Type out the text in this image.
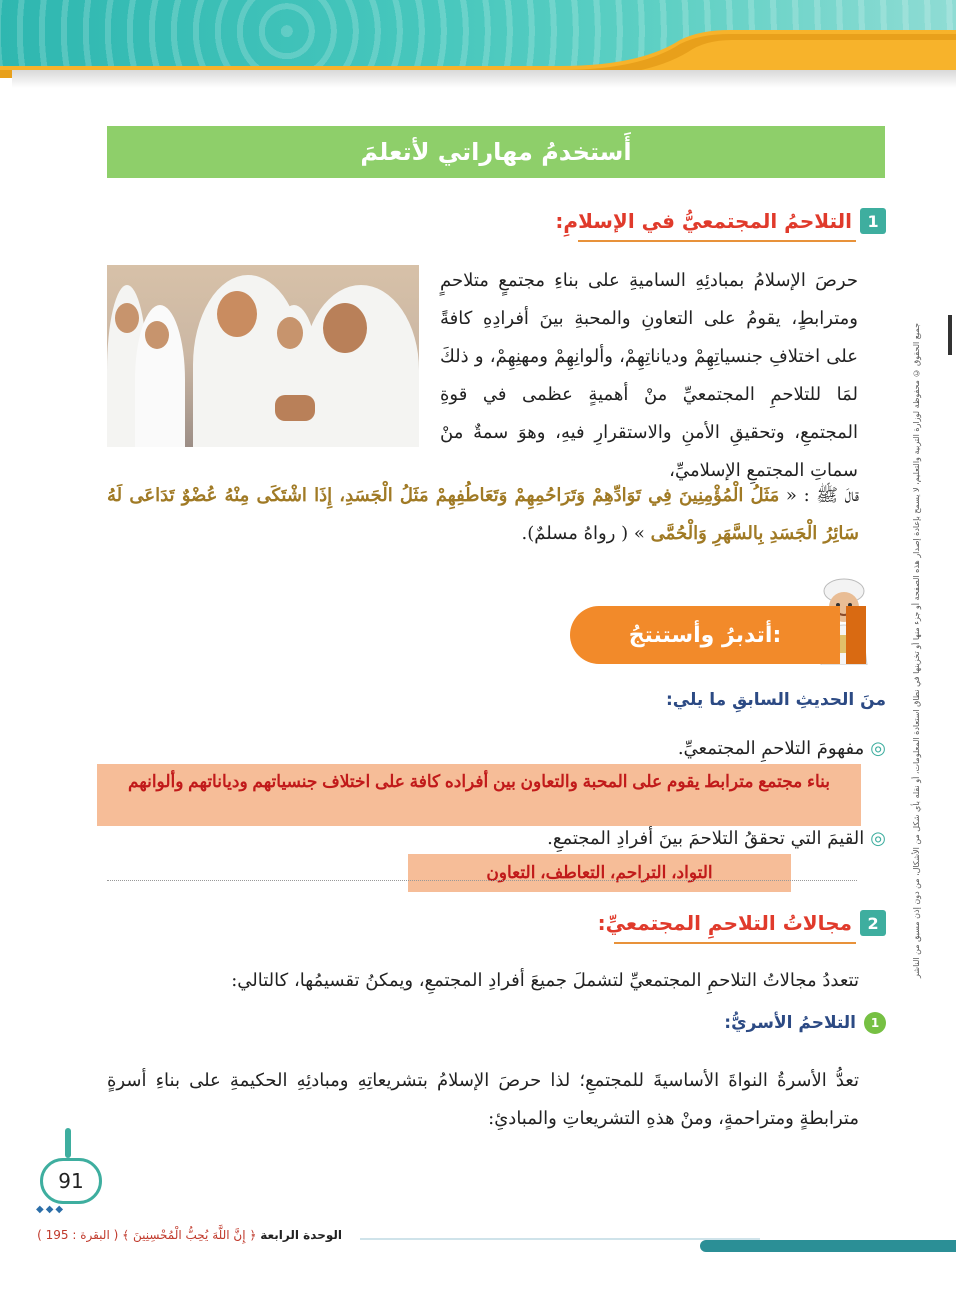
أَستخدمُ مهاراتي لأتعلمَ
1
التلاحمُ المجتمعيُّ في الإسلامِ:
حرصَ الإسلامُ بمبادئِهِ الساميةِ على بناءِ مجتمعٍ متلاحمٍ ومترابطٍ، يقومُ على التعاونِ والمحبةِ بينَ أفرادِهِ كافةً على اختلافِ جنسياتِهِمْ ودياناتِهِمْ، وألوانِهِمْ ومهنِهِمْ، و ذلكَ لمَا للتلاحمِ المجتمعيِّ منْ أهميةٍ عظمى في قوةِ المجتمعِ، وتحقيقِ الأمنِ والاستقرارِ فيهِ، وهوَ سمةٌ منْ سماتِ المجتمعِ الإسلاميِّ،
قالَ ﷺ : « مَثَلُ الْمُؤْمِنِينَ فِي تَوَادِّهِمْ وَتَرَاحُمِهِمْ وَتَعَاطُفِهِمْ مَثَلُ الْجَسَدِ، إِذَا اشْتَكَى مِنْهُ عُضْوٌ تَدَاعَى لَهُ سَائِرُ الْجَسَدِ بِالسَّهَرِ وَالْحُمَّى » ( رواهُ مسلمٌ).
أتدبرُ وأستنتجُ:
منَ الحديثِ السابقِ ما يلي:
◎مفهومَ التلاحمِ المجتمعيِّ.
بناء مجتمع مترابط يقوم على المحبة والتعاون بين أفراده كافة على اختلاف جنسياتهم ودياناتهم وألوانهم
◎القيمَ التي تحققُ التلاحمَ بينَ أفرادِ المجتمعِ.
التواد، التراحم، التعاطف، التعاون
2
مجالاتُ التلاحمِ المجتمعيِّ:
تتعددُ مجالاتُ التلاحمِ المجتمعيِّ لتشملَ جميعَ أفرادِ المجتمعِ، ويمكنُ تقسيمُها، كالتالي:
1
التلاحمُ الأسريُّ:
تعدُّ الأسرةُ النواةَ الأساسيةَ للمجتمعِ؛ لذا حرصَ الإسلامُ بتشريعاتِهِ ومبادئِهِ الحكيمةِ على بناءِ أسرةٍ مترابطةٍ ومتراحمةٍ، ومنْ هذهِ التشريعاتِ والمبادئِ:
جميع الحقوق © محفوظة لوزارة التربية والتعليم، لا يسمح بإعادة إصدار هذه الصفحة أو جزء منها أو تخزينها في نطاق استعادة المعلومات، أو نقله بأي شكل من الأشكال، من دون إذن مسبق من الناشر
91
◆◆◆
الوحدة الرابعة ﴿ إِنَّ اللَّهَ يُحِبُّ الْمُحْسِنِينَ ﴾ ( البقرة : 195 )
